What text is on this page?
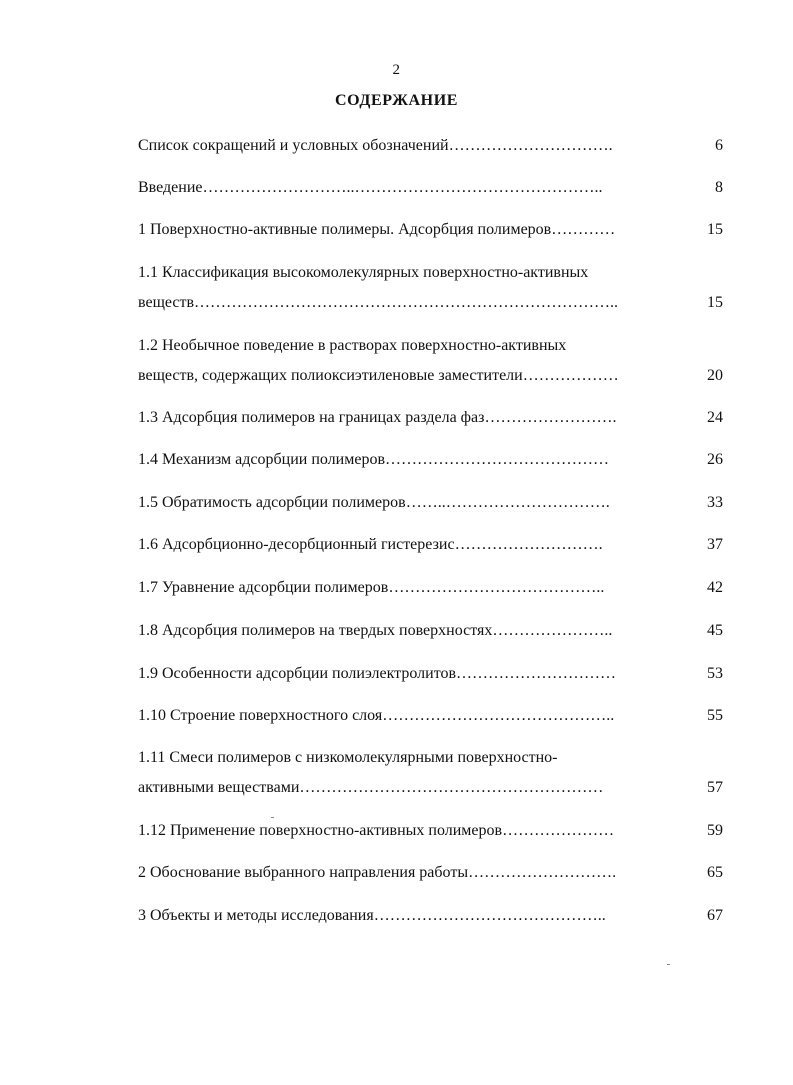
2
СОДЕРЖАНИЕ
Список сокращений и условных обозначений………………………….	6
Введение………………………..………………………………………..	8
1 Поверхностно-активные полимеры. Адсорбция полимеров…………	15
1.1 Классификация высокомолекулярных поверхностно-активных
веществ……………………………………………………………………..	15
1.2 Необычное поведение в растворах поверхностно-активных
веществ, содержащих полиоксиэтиленовые заместители………………	20
1.3 Адсорбция полимеров на границах раздела фаз…………………….	24
1.4 Механизм адсорбции полимеров……………………………………	26
1.5 Обратимость адсорбции полимеров……..………………………….	33
1.6 Адсорбционно-десорбционный гистерезис……………………….	37
1.7 Уравнение адсорбции полимеров…………………………………..	42
1.8 Адсорбция полимеров на твердых поверхностях…………………..	45
1.9 Особенности адсорбции полиэлектролитов…………………………	53
1.10 Строение поверхностного слоя……………………………………..	55
1.11 Смеси полимеров с низкомолекулярными поверхностно-
активными веществами…………………………………………………	57
1.12 Применение поверхностно-активных полимеров…………………	59
2 Обоснование выбранного направления работы……………………….	65
3 Объекты и методы исследования……………………………………..	67
